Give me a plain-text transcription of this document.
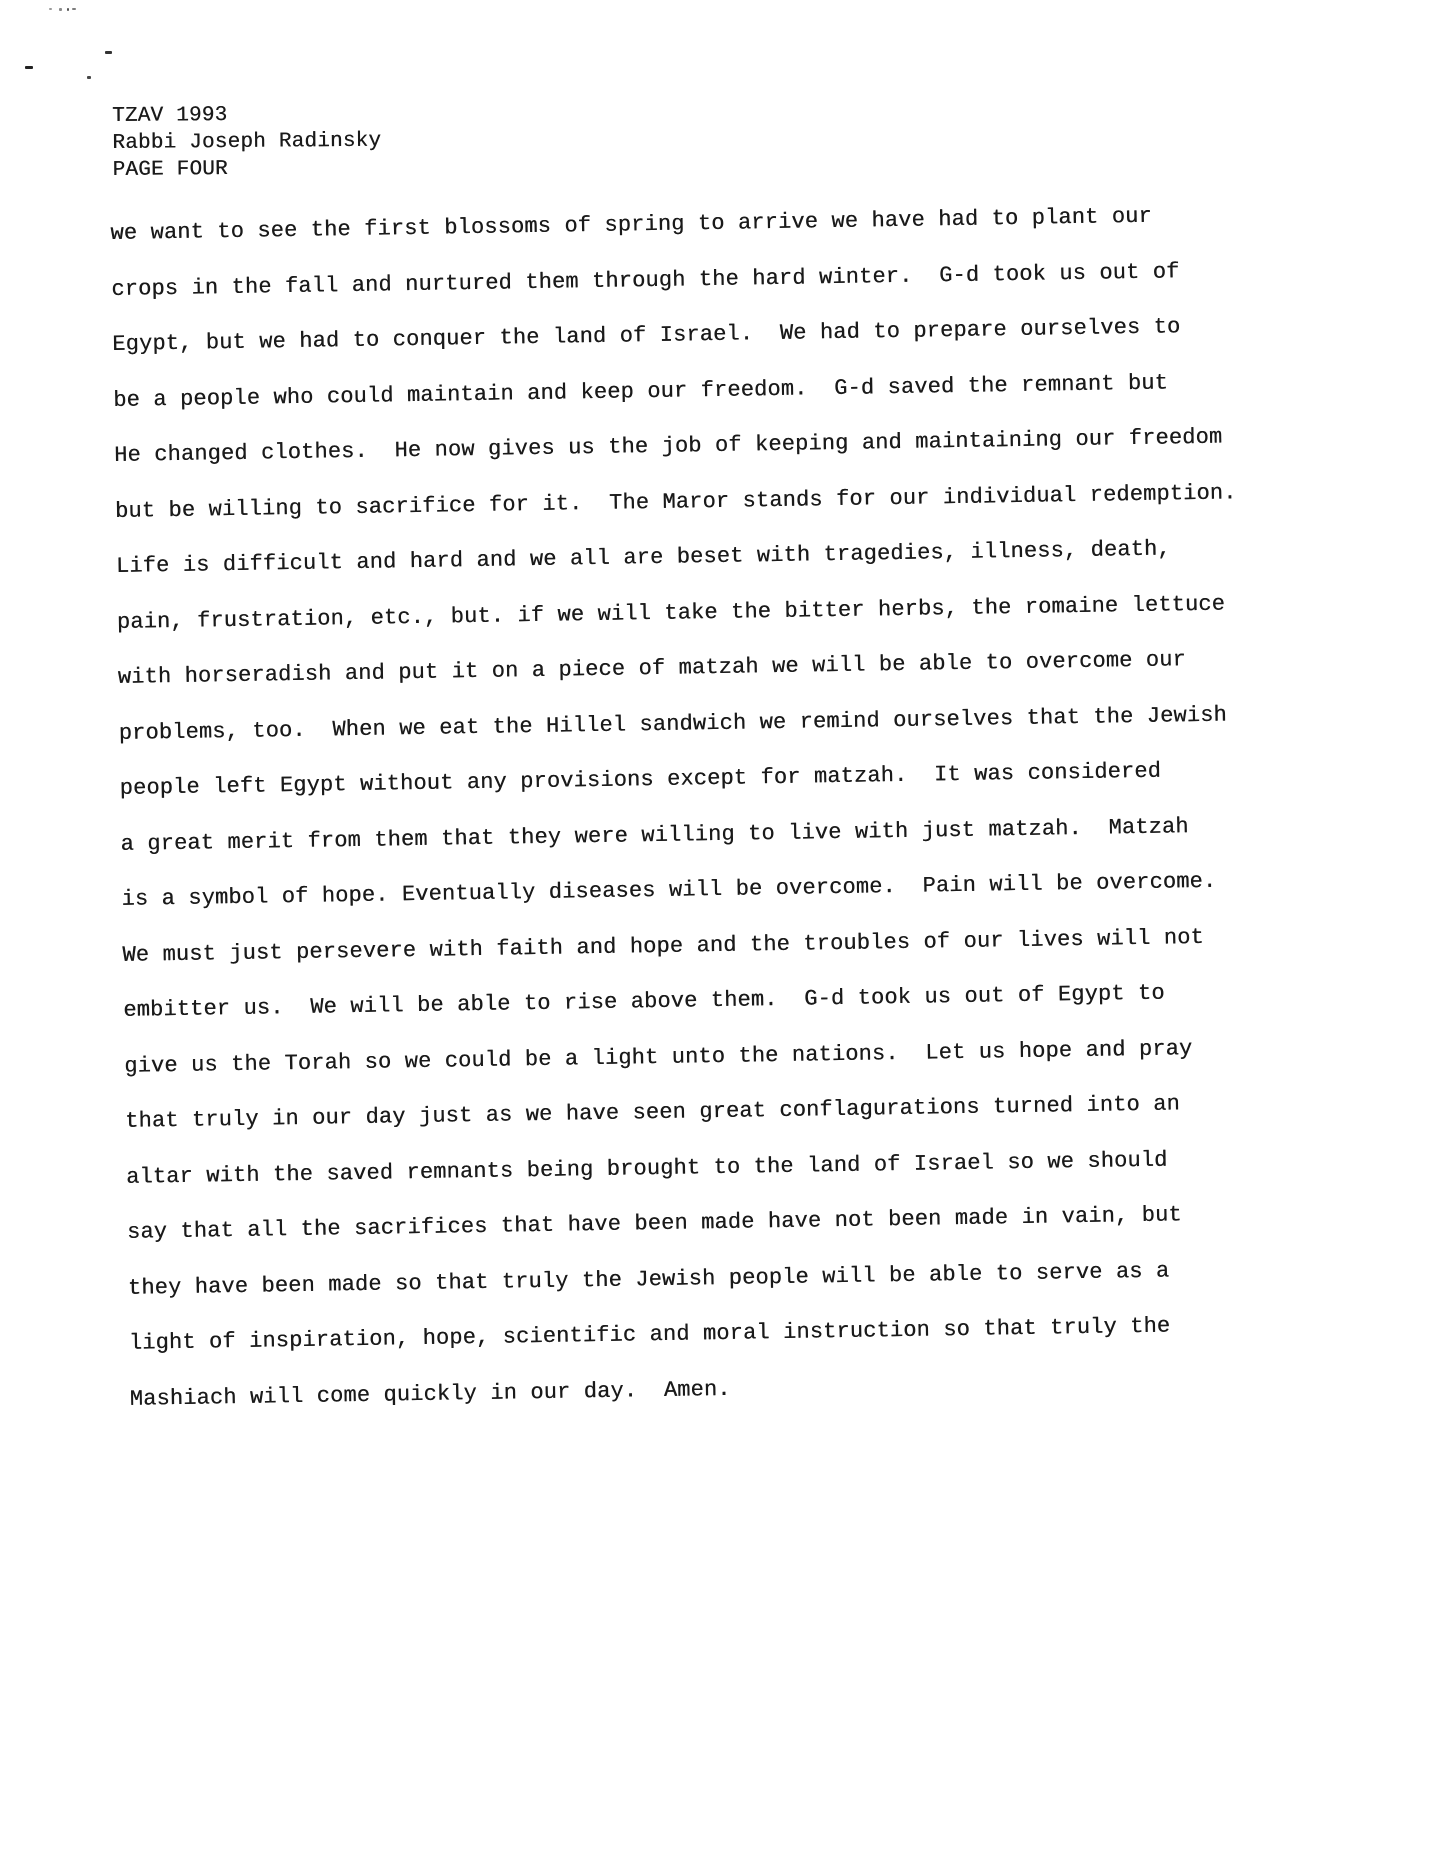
TZAV 1993
Rabbi Joseph Radinsky
PAGE FOUR
we want to see the first blossoms of spring to arrive we have had to plant our
crops in the fall and nurtured them through the hard winter.  G-d took us out of
Egypt, but we had to conquer the land of Israel.  We had to prepare ourselves to
be a people who could maintain and keep our freedom.  G-d saved the remnant but
He changed clothes.  He now gives us the job of keeping and maintaining our freedom
but be willing to sacrifice for it.  The Maror stands for our individual redemption.
Life is difficult and hard and we all are beset with tragedies, illness, death,
pain, frustration, etc., but. if we will take the bitter herbs, the romaine lettuce
with horseradish and put it on a piece of matzah we will be able to overcome our
problems, too.  When we eat the Hillel sandwich we remind ourselves that the Jewish
people left Egypt without any provisions except for matzah.  It was considered
a great merit from them that they were willing to live with just matzah.  Matzah
is a symbol of hope. Eventually diseases will be overcome.  Pain will be overcome.
We must just persevere with faith and hope and the troubles of our lives will not
embitter us.  We will be able to rise above them.  G-d took us out of Egypt to
give us the Torah so we could be a light unto the nations.  Let us hope and pray
that truly in our day just as we have seen great conflagurations turned into an
altar with the saved remnants being brought to the land of Israel so we should
say that all the sacrifices that have been made have not been made in vain, but
they have been made so that truly the Jewish people will be able to serve as a
light of inspiration, hope, scientific and moral instruction so that truly the
Mashiach will come quickly in our day.  Amen.
